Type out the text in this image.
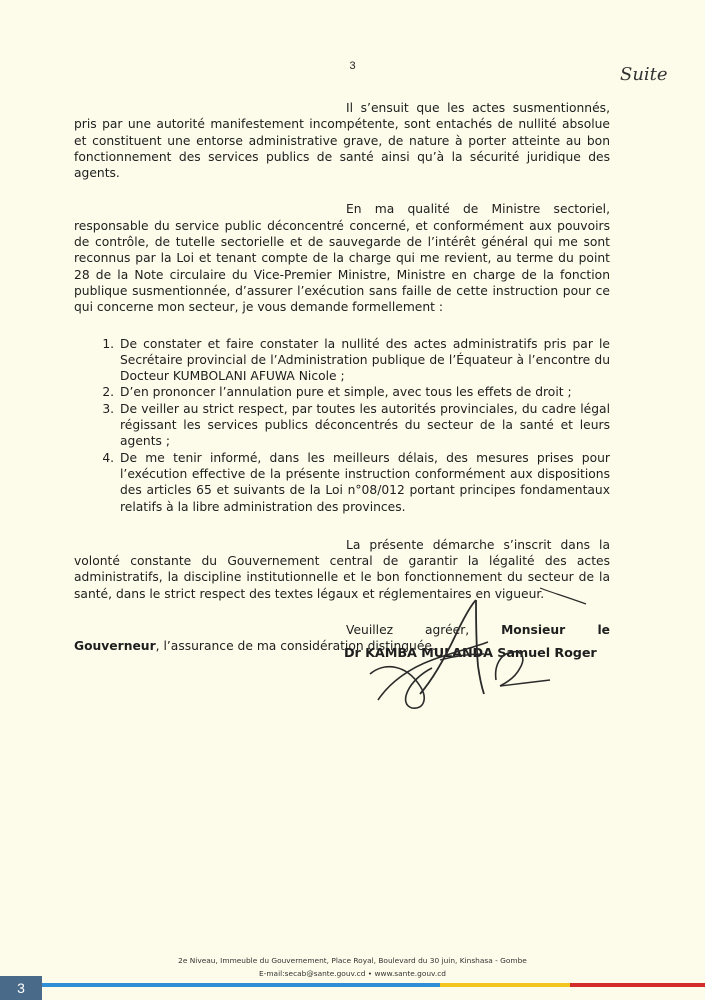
3	Suite

Il s’ensuit que les actes susmentionnés, pris par une autorité manifestement incompétente, sont entachés de nullité absolue et constituent une entorse administrative grave, de nature à porter atteinte au bon fonctionnement des services publics de santé ainsi qu’à la sécurité juridique des agents.

En ma qualité de Ministre sectoriel, responsable du service public déconcentré concerné, et conformément aux pouvoirs de contrôle, de tutelle sectorielle et de sauvegarde de l’intérêt général qui me sont reconnus par la Loi et tenant compte de la charge qui me revient, au terme du point 28 de la Note circulaire du Vice-Premier Ministre, Ministre en charge de la fonction publique susmentionnée, d’assurer l’exécution sans faille de cette instruction pour ce qui concerne mon secteur, je vous demande formellement :

1. De constater et faire constater la nullité des actes administratifs pris par le Secrétaire provincial de l’Administration publique de l’Équateur à l’encontre du Docteur KUMBOLANI AFUWA Nicole ;
2. D’en prononcer l’annulation pure et simple, avec tous les effets de droit ;
3. De veiller au strict respect, par toutes les autorités provinciales, du cadre légal régissant les services publics déconcentrés du secteur de la santé et leurs agents ;
4. De me tenir informé, dans les meilleurs délais, des mesures prises pour l’exécution effective de la présente instruction conformément aux dispositions des articles 65 et suivants de la Loi n°08/012 portant principes fondamentaux relatifs à la libre administration des provinces.

La présente démarche s’inscrit dans la volonté constante du Gouvernement central de garantir la légalité des actes administratifs, la discipline institutionnelle et le bon fonctionnement du secteur de la santé, dans le strict respect des textes légaux et réglementaires en vigueur.

Veuillez agréer, Monsieur le Gouverneur, l’assurance de ma considération distinguée.

Dr KAMBA MULANDA Samuel Roger
2e Niveau, Immeuble du Gouvernement, Place Royal, Boulevard du 30 juin, Kinshasa - Gombe
E-mail:secab@sante.gouv.cd • www.sante.gouv.cd
3
